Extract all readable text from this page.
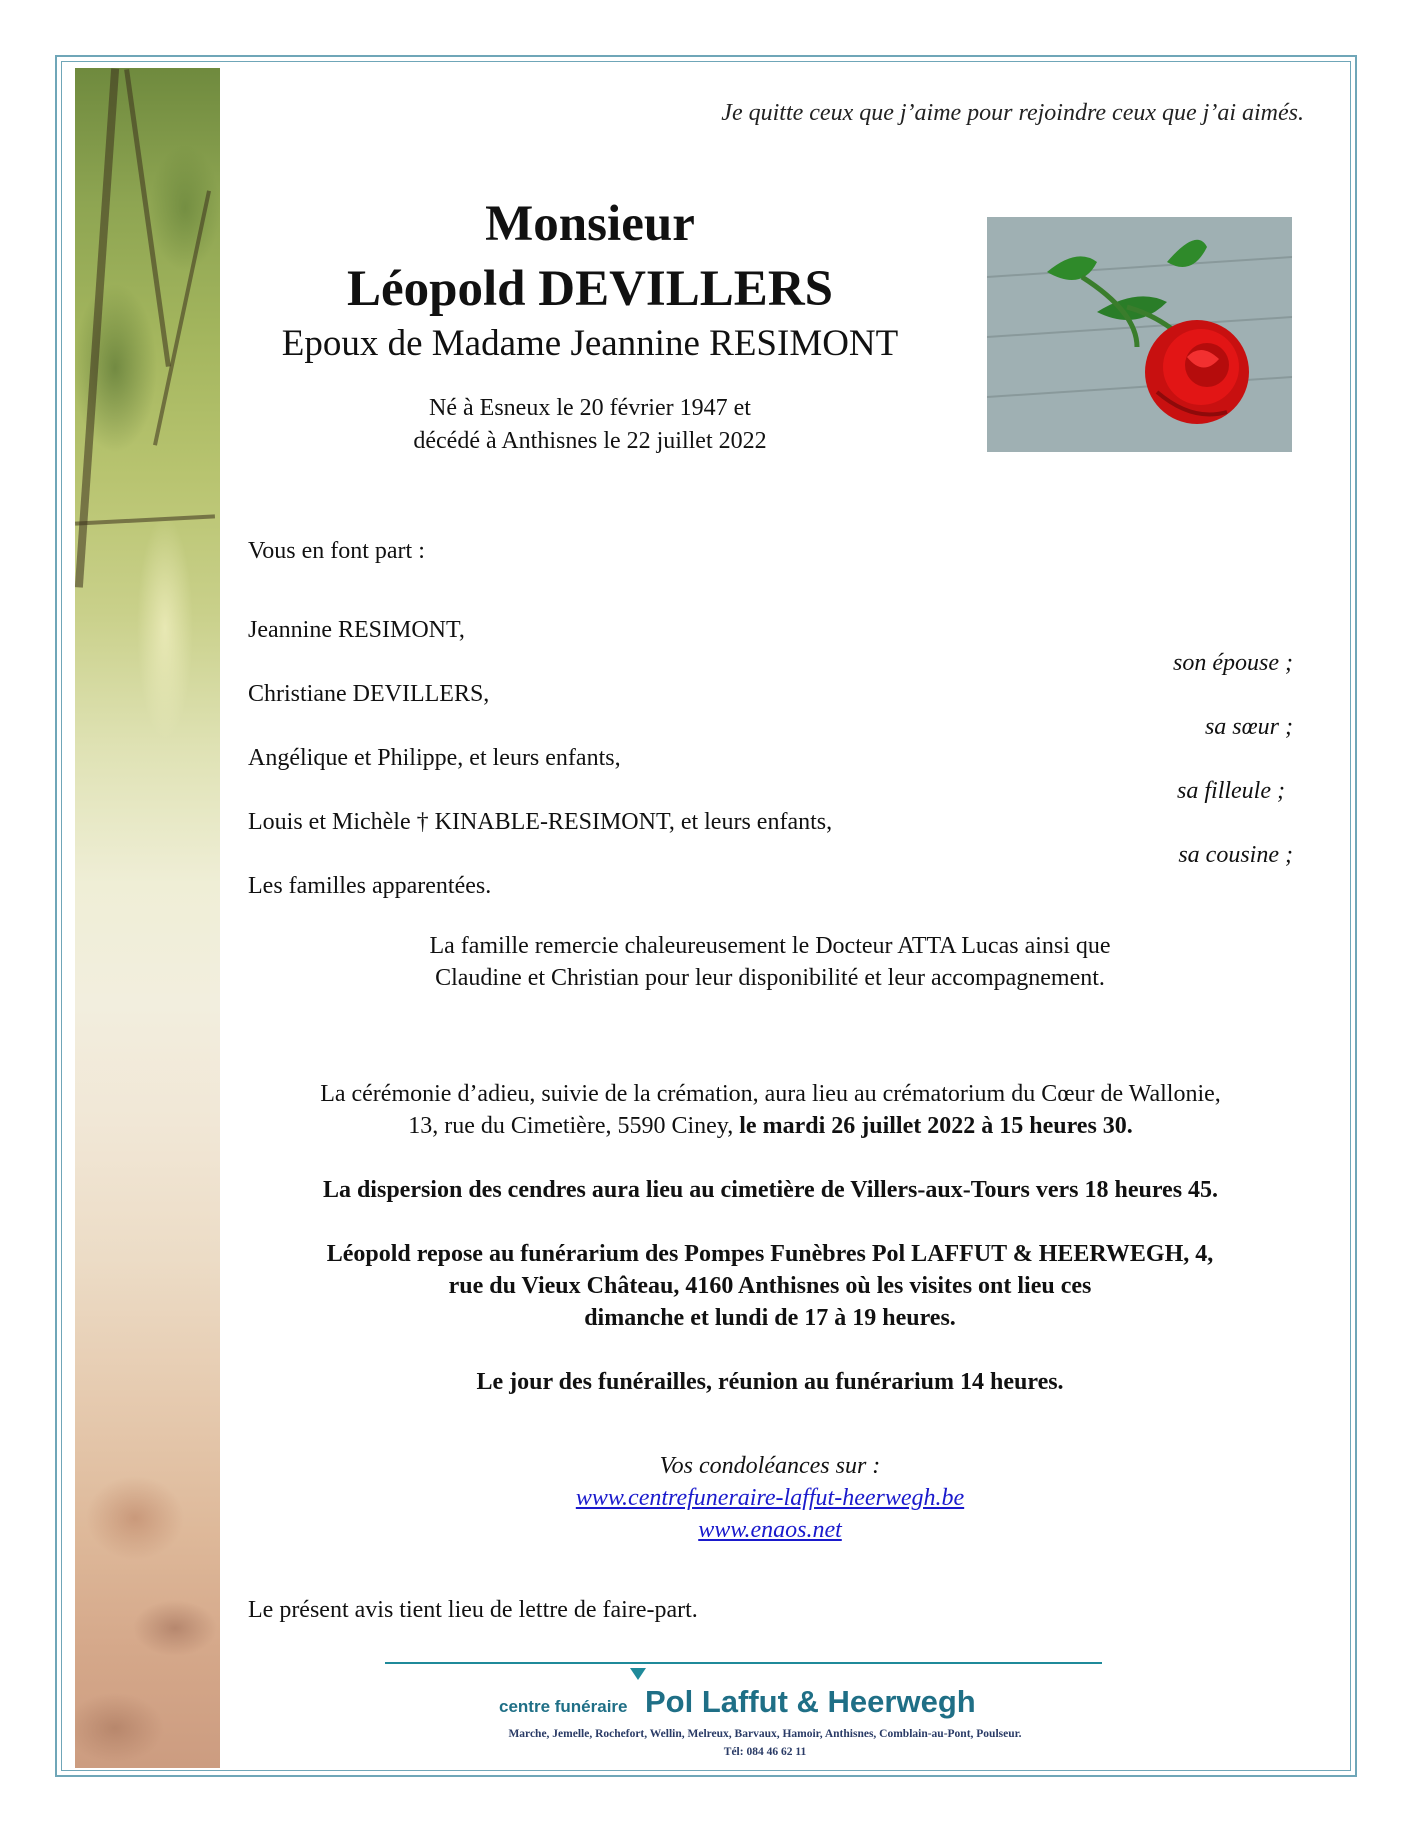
Je quitte ceux que j’aime pour rejoindre ceux que j’ai aimés.
Monsieur
Léopold DEVILLERS
Epoux de Madame Jeannine RESIMONT
Né à Esneux le 20 février 1947 et
décédé à Anthisnes le 22 juillet 2022
Vous en font part :
Jeannine RESIMONT,
son épouse ;
Christiane DEVILLERS,
sa sœur ;
Angélique et Philippe, et leurs enfants,
sa filleule ;
Louis et Michèle † KINABLE-RESIMONT, et leurs enfants,
sa cousine ;
Les familles apparentées.
La famille remercie chaleureusement le Docteur ATTA Lucas ainsi que
Claudine et Christian pour leur disponibilité et leur accompagnement.
La cérémonie d’adieu, suivie de la crémation, aura lieu au crématorium du Cœur de Wallonie,
13, rue du Cimetière, 5590 Ciney, le mardi 26 juillet 2022 à 15 heures 30.
La dispersion des cendres aura lieu au cimetière de Villers-aux-Tours vers 18 heures 45.
Léopold repose au funérarium des Pompes Funèbres Pol LAFFUT & HEERWEGH, 4,
rue du Vieux Château, 4160 Anthisnes où les visites ont lieu ces
dimanche et lundi de 17 à 19 heures.
Le jour des funérailles, réunion au funérarium 14 heures.
Vos condoléances sur :
www.centrefuneraire-laffut-heerwegh.be
www.enaos.net
Le présent avis tient lieu de lettre de faire-part.
centre funéraire Pol Laffut & Heerwegh
Marche, Jemelle, Rochefort, Wellin, Melreux, Barvaux, Hamoir, Anthisnes, Comblain-au-Pont, Poulseur.
Tél: 084 46 62 11
